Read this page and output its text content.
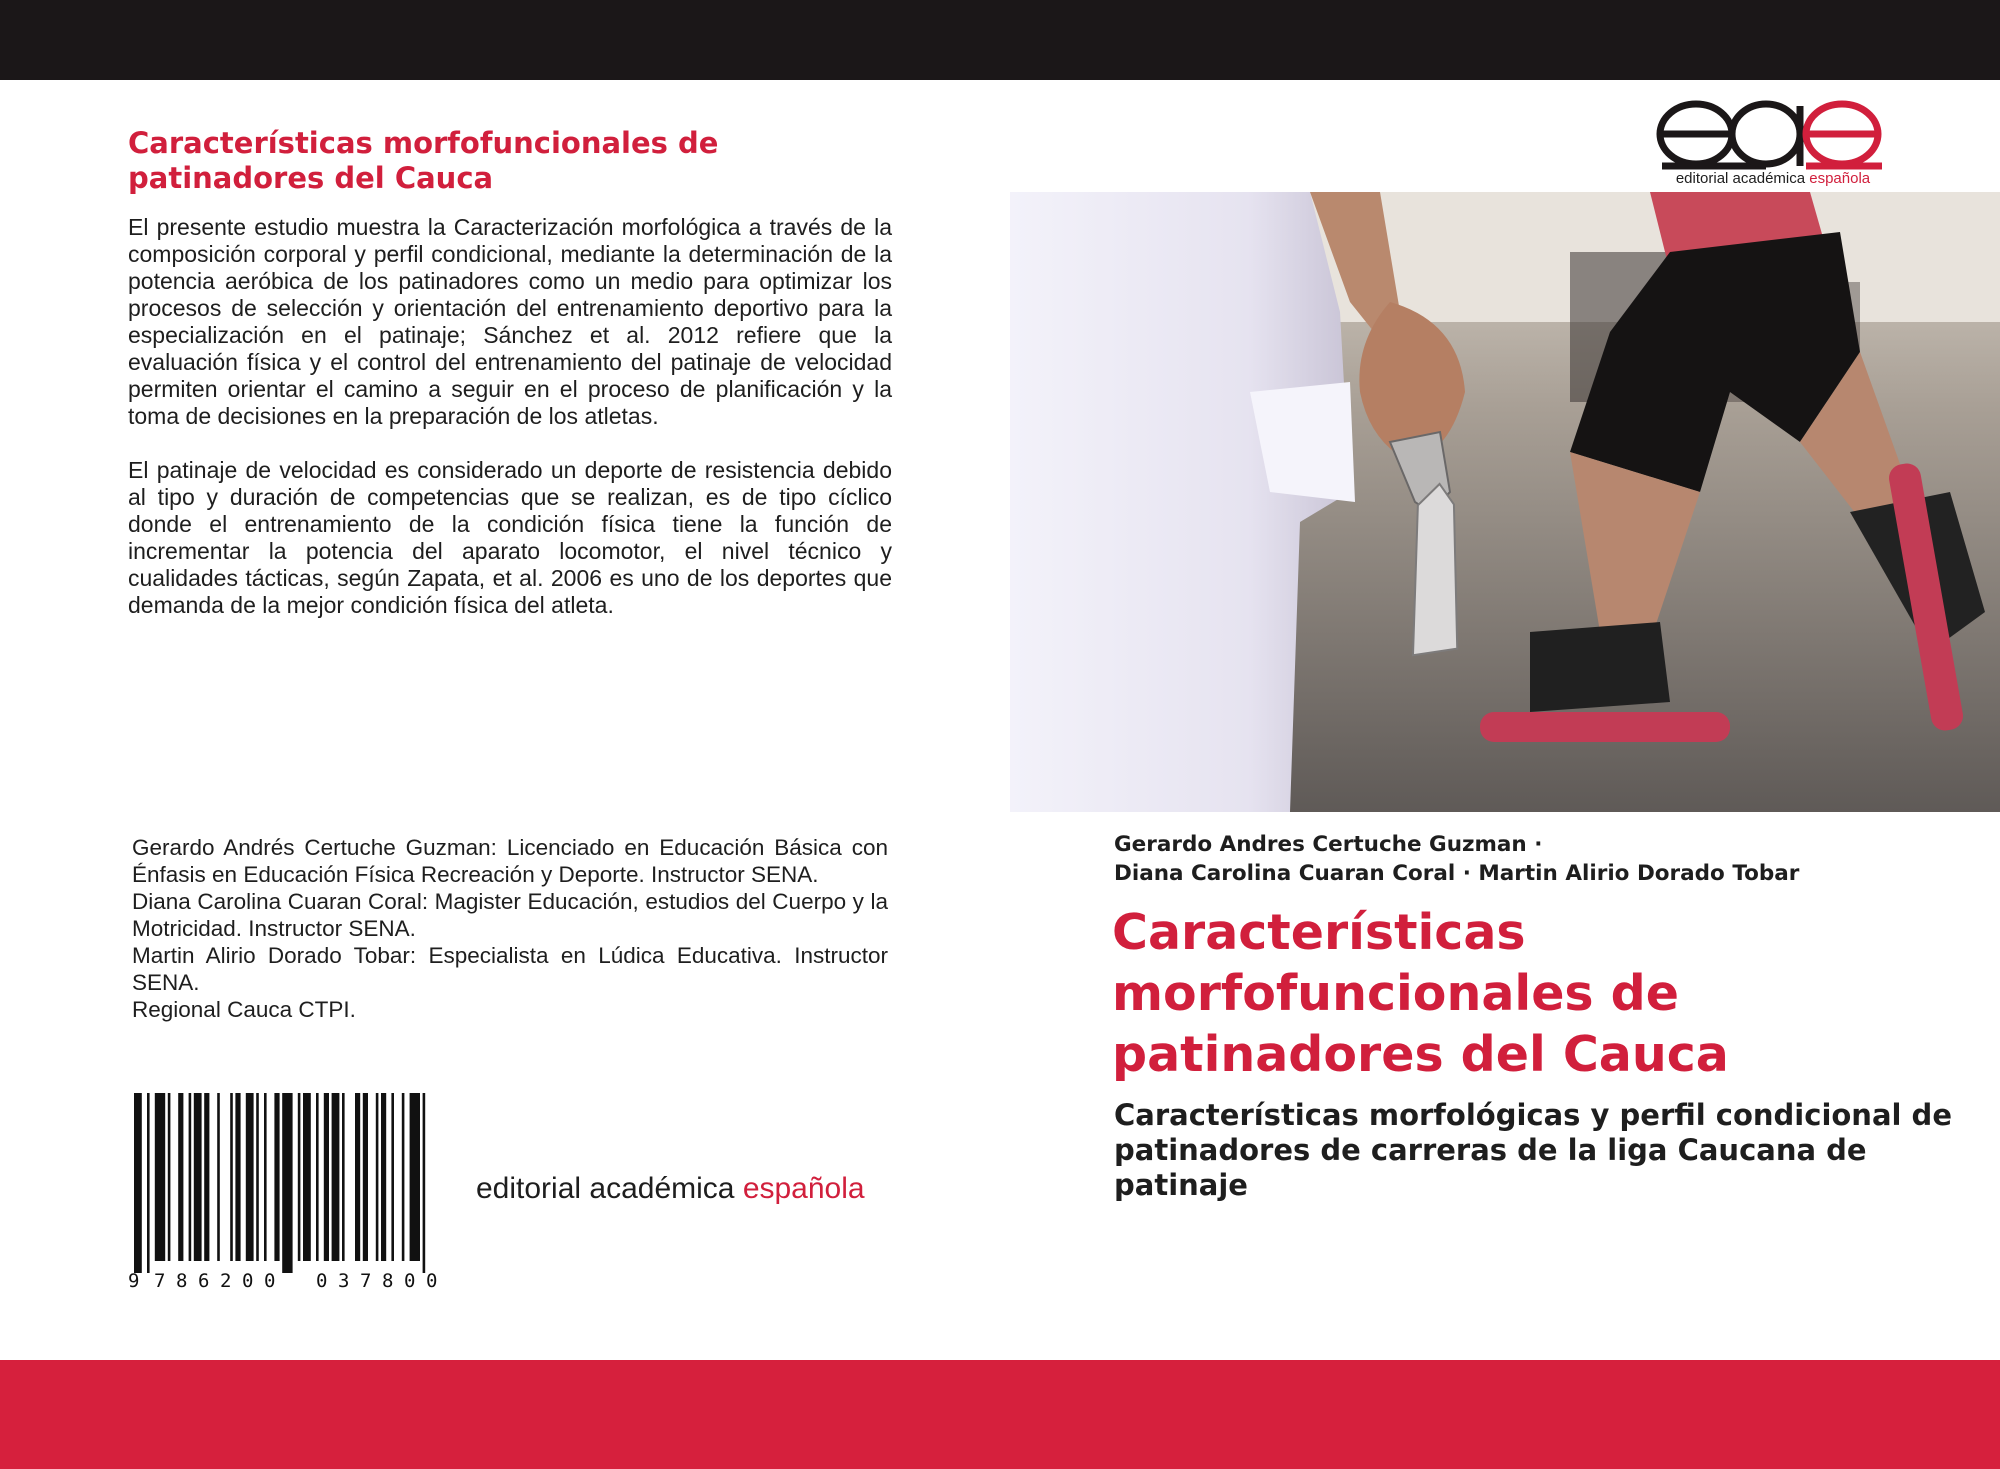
Características morfofuncionales de patinadores del Cauca

El presente estudio muestra la Caracterización morfológica a través de la composición corporal y perfil condicional, mediante la determinación de la potencia aeróbica de los patinadores como un medio para optimizar los procesos de selección y orientación del entrenamiento deportivo para la especialización en el patinaje; Sánchez et al. 2012 refiere que la evaluación física y el control del entrenamiento del patinaje de velocidad permiten orientar el camino a seguir en el proceso de planificación y la toma de decisiones en la preparación de los atletas.

El patinaje de velocidad es considerado un deporte de resistencia debido al tipo y duración de competencias que se realizan, es de tipo cíclico donde el entrenamiento de la condición física tiene la función de incrementar la potencia del aparato locomotor, el nivel técnico y cualidades tácticas, según Zapata, et al. 2006 es uno de los deportes que demanda de la mejor condición física del atleta.

Gerardo Andrés Certuche Guzman: Licenciado en Educación Básica con Énfasis en Educación Física Recreación y Deporte. Instructor SENA.
Diana Carolina Cuaran Coral: Magister Educación, estudios del Cuerpo y la Motricidad. Instructor SENA.
Martin Alirio Dorado Tobar: Especialista en Lúdica Educativa. Instructor SENA.
Regional Cauca CTPI.
9 7 8 6 2 0 0 0 3 7 8 0 0
editorial académica española
editorial académica española
Gerardo Andres Certuche Guzman ·
Diana Carolina Cuaran Coral · Martin Alirio Dorado Tobar
Características morfofuncionales de patinadores del Cauca
Características morfológicas y perfil condicional de patinadores de carreras de la liga Caucana de patinaje
